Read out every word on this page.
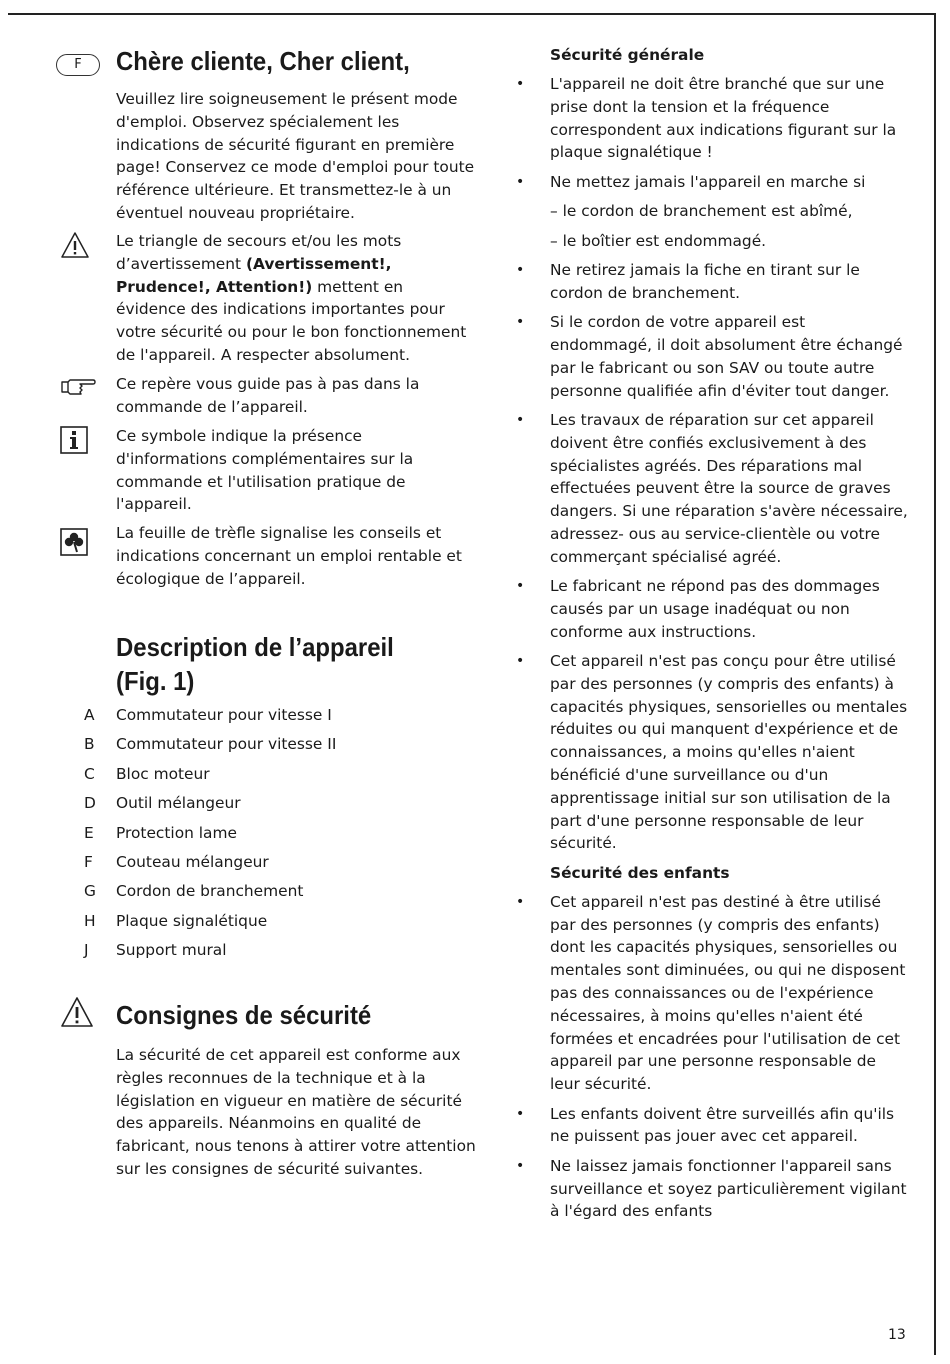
F	Chère cliente, Cher client,

Veuillez lire soigneusement le présent mode d'emploi. Observez spécialement les indications de sécurité figurant en première page! Conservez ce mode d'emploi pour toute référence ultérieure. Et transmettez-le à un éventuel nouveau propriétaire.

Le triangle de secours et/ou les mots d’avertissement (Avertissement!, Prudence!, Attention!) mettent en évidence des indications importantes pour votre sécurité ou pour le bon fonctionnement de l'appareil. A respecter absolument.

Ce repère vous guide pas à pas dans la commande de l’appareil.

Ce symbole indique la présence d'informations complémentaires sur la commande et l'utilisation pratique de l'appareil.

La feuille de trèfle signalise les conseils et indications concernant un emploi rentable et écologique de l’appareil.

Description de l’appareil
(Fig. 1)
A Commutateur pour vitesse I
B Commutateur pour vitesse II
C Bloc moteur
D Outil mélangeur
E Protection lame
F Couteau mélangeur
G Cordon de branchement
H Plaque signalétique
J Support mural
Consignes de sécurité

La sécurité de cet appareil est conforme aux règles reconnues de la technique et à la législation en vigueur en matière de sécurité des appareils. Néanmoins en qualité de fabricant, nous tenons à attirer votre attention sur les consignes de sécurité suivantes.

Sécurité générale
• L'appareil ne doit être branché que sur une prise dont la tension et la fréquence correspondent aux indications figurant sur la plaque signalétique !
• Ne mettez jamais l'appareil en marche si
– le cordon de branchement est abîmé,
– le boîtier est endommagé.
• Ne retirez jamais la fiche en tirant sur le cordon de branchement.
• Si le cordon de votre appareil est endommagé, il doit absolument être échangé par le fabricant ou son SAV ou toute autre personne qualifiée afin d'éviter tout danger.
• Les travaux de réparation sur cet appareil doivent être confiés exclusivement à des spécialistes agréés. Des réparations mal effectuées peuvent être la source de graves dangers. Si une réparation s'avère nécessaire, adressez- ous au service-clientèle ou votre commerçant spécialisé agréé.
• Le fabricant ne répond pas des dommages causés par un usage inadéquat ou non conforme aux instructions.
• Cet appareil n'est pas conçu pour être utilisé par des personnes (y compris des enfants) à capacités physiques, sensorielles ou mentales réduites ou qui manquent d'expérience et de connaissances, a moins qu'elles n'aient bénéficié d'une surveillance ou d'un apprentissage initial sur son utilisation de la part d'une personne responsable de leur sécurité.
Sécurité des enfants
• Cet appareil n'est pas destiné à être utilisé par des personnes (y compris des enfants) dont les capacités physiques, sensorielles ou mentales sont diminuées, ou qui ne disposent pas des connaissances ou de l'expérience nécessaires, à moins qu'elles n'aient été formées et encadrées pour l'utilisation de cet appareil par une personne responsable de leur sécurité.
• Les enfants doivent être surveillés afin qu'ils ne puissent pas jouer avec cet appareil.
• Ne laissez jamais fonctionner l'appareil sans surveillance et soyez particulièrement vigilant à l'égard des enfants
13
